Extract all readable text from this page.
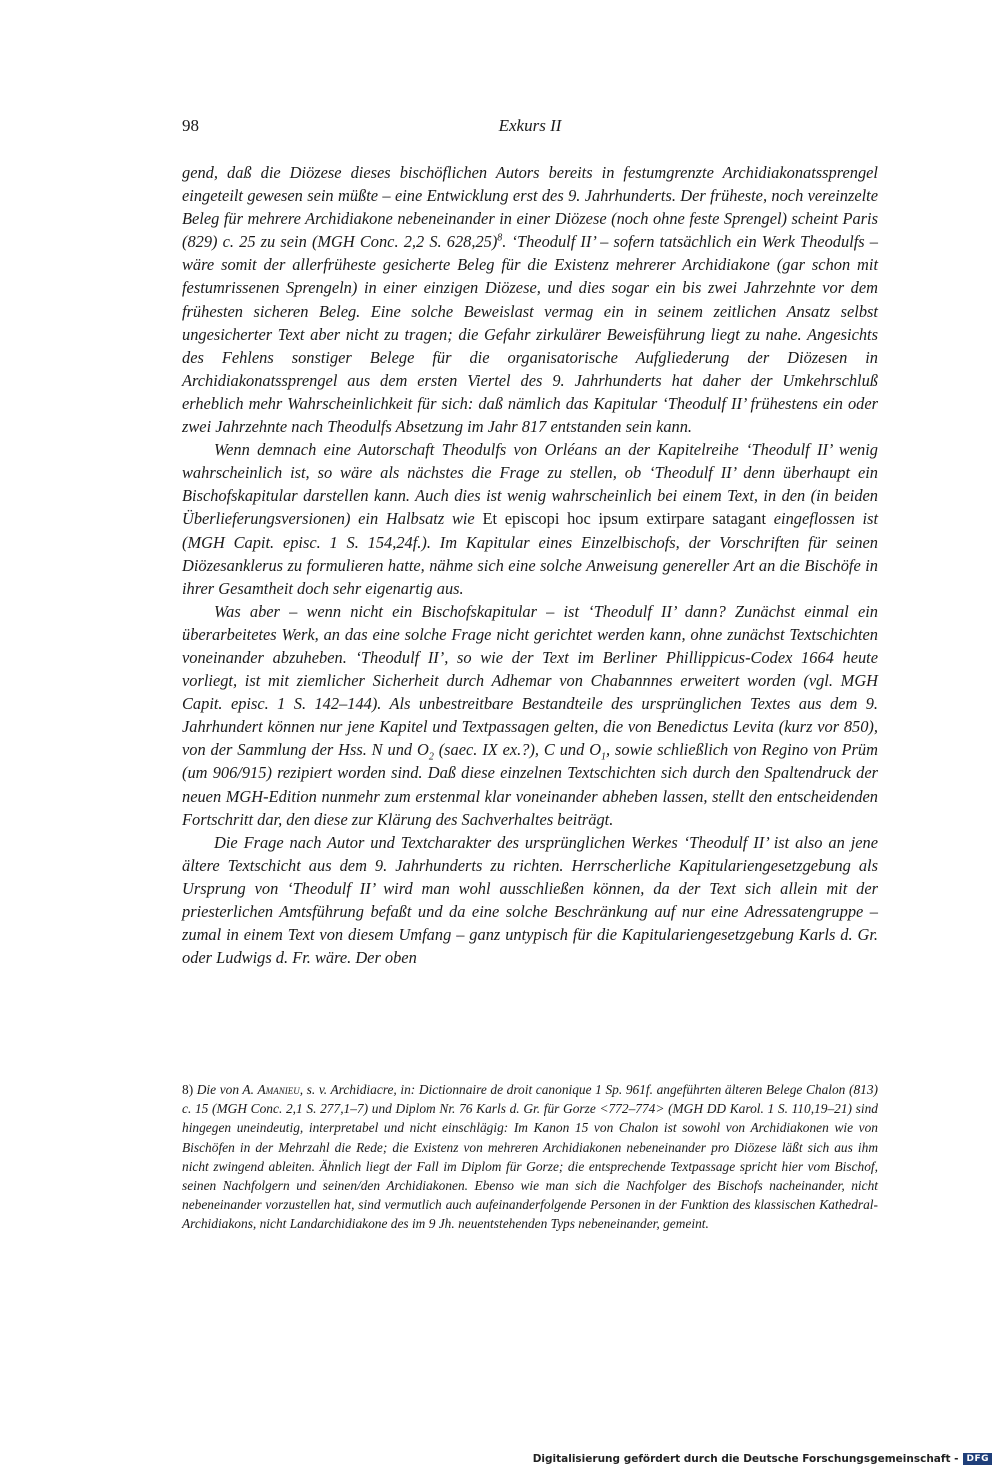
98	Exkurs II

gend, daß die Diözese dieses bischöflichen Autors bereits in festumgrenzte Archidiakonatssprengel eingeteilt gewesen sein müßte – eine Entwicklung erst des 9. Jahrhunderts. Der früheste, noch vereinzelte Beleg für mehrere Archidiakone nebeneinander in einer Diözese (noch ohne feste Sprengel) scheint Paris (829) c. 25 zu sein (MGH Conc. 2,2 S. 628,25)$^8$. ‘Theodulf II’ – sofern tatsächlich ein Werk Theodulfs – wäre somit der allerfrüheste gesicherte Beleg für die Existenz mehrerer Archidiakone (gar schon mit festumrissenen Sprengeln) in einer einzigen Diözese, und dies sogar ein bis zwei Jahrzehnte vor dem frühesten sicheren Beleg. Eine solche Beweislast vermag ein in seinem zeitlichen Ansatz selbst ungesicherter Text aber nicht zu tragen; die Gefahr zirkulärer Beweisführung liegt zu nahe. Angesichts des Fehlens sonstiger Belege für die organisatorische Aufgliederung der Diözesen in Archidiakonatssprengel aus dem ersten Viertel des 9. Jahrhunderts hat daher der Umkehrschluß erheblich mehr Wahrscheinlichkeit für sich: daß nämlich das Kapitular ‘Theodulf II’ frühestens ein oder zwei Jahrzehnte nach Theodulfs Absetzung im Jahr 817 entstanden sein kann.

Wenn demnach eine Autorschaft Theodulfs von Orléans an der Kapitelreihe ‘Theodulf II’ wenig wahrscheinlich ist, so wäre als nächstes die Frage zu stellen, ob ‘Theodulf II’ denn überhaupt ein Bischofskapitular darstellen kann. Auch dies ist wenig wahrscheinlich bei einem Text, in den (in beiden Überlieferungsversionen) ein Halbsatz wie Et episcopi hoc ipsum extirpare satagant eingeflossen ist (MGH Capit. episc. 1 S. 154,24f.). Im Kapitular eines Einzelbischofs, der Vorschriften für seinen Diözesanklerus zu formulieren hatte, nähme sich eine solche Anweisung genereller Art an die Bischöfe in ihrer Gesamtheit doch sehr eigenartig aus.

Was aber – wenn nicht ein Bischofskapitular – ist ‘Theodulf II’ dann? Zunächst einmal ein überarbeitetes Werk, an das eine solche Frage nicht gerichtet werden kann, ohne zunächst Textschichten voneinander abzuheben. ‘Theodulf II’, so wie der Text im Berliner Phillippicus-Codex 1664 heute vorliegt, ist mit ziemlicher Sicherheit durch Adhemar von Chabannnes erweitert worden (vgl. MGH Capit. episc. 1 S. 142–144). Als unbestreitbare Bestandteile des ursprünglichen Textes aus dem 9. Jahrhundert können nur jene Kapitel und Textpassagen gelten, die von Benedictus Levita (kurz vor 850), von der Sammlung der Hss. N und $O_2$ (saec. IX ex.?), C und $O_1$, sowie schließlich von Regino von Prüm (um 906/915) rezipiert worden sind. Daß diese einzelnen Textschichten sich durch den Spaltendruck der neuen MGH-Edition nunmehr zum erstenmal klar voneinander abheben lassen, stellt den entscheidenden Fortschritt dar, den diese zur Klärung des Sachverhaltes beiträgt.

Die Frage nach Autor und Textcharakter des ursprünglichen Werkes ‘Theodulf II’ ist also an jene ältere Textschicht aus dem 9. Jahrhunderts zu richten. Herrscherliche Kapitulariengesetzgebung als Ursprung von ‘Theodulf II’ wird man wohl ausschließen können, da der Text sich allein mit der priesterlichen Amtsführung befaßt und da eine solche Beschränkung auf nur eine Adressatengruppe – zumal in einem Text von diesem Umfang – ganz untypisch für die Kapitulariengesetzgebung Karls d. Gr. oder Ludwigs d. Fr. wäre. Der oben

8) Die von A. Amanieu, s. v. Archidiacre, in: Dictionnaire de droit canonique 1 Sp. 961f. angeführten älteren Belege Chalon (813) c. 15 (MGH Conc. 2,1 S. 277,1–7) und Diplom Nr. 76 Karls d. Gr. für Gorze <772–774> (MGH DD Karol. 1 S. 110,19–21) sind hingegen uneindeutig, interpretabel und nicht einschlägig: Im Kanon 15 von Chalon ist sowohl von Archidiakonen wie von Bischöfen in der Mehrzahl die Rede; die Existenz von mehreren Archidiakonen nebeneinander pro Diözese läßt sich aus ihm nicht zwingend ableiten. Ähnlich liegt der Fall im Diplom für Gorze; die entsprechende Textpassage spricht hier vom Bischof, seinen Nachfolgern und seinen/den Archidiakonen. Ebenso wie man sich die Nachfolger des Bischofs nacheinander, nicht nebeneinander vorzustellen hat, sind vermutlich auch aufeinanderfolgende Personen in der Funktion des klassischen Kathedral-Archidiakons, nicht Landarchidiakone des im 9 Jh. neuentstehenden Typs nebeneinander, gemeint.

Digitalisierung gefördert durch die Deutsche Forschungsgemeinschaft - DFG
